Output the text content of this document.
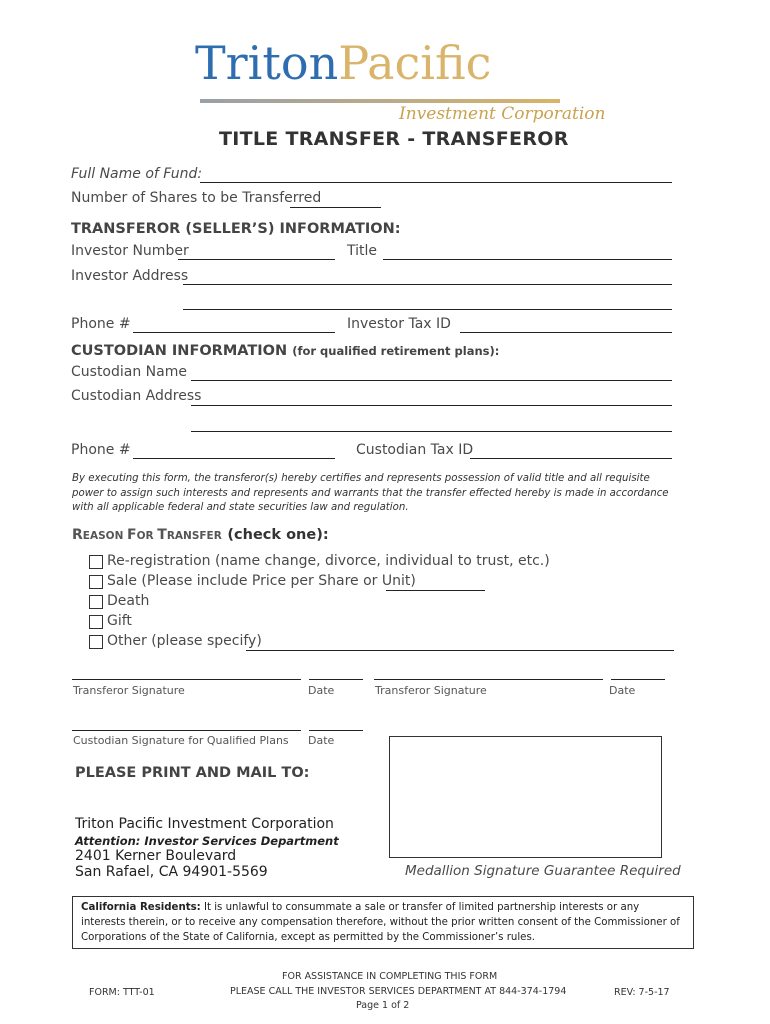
TritonPacific
Investment Corporation
TITLE TRANSFER - TRANSFEROR
Full Name of Fund:
Number of Shares to be Transferred
TRANSFEROR (SELLER’S) INFORMATION:
Investor Number	Title
Investor Address
Phone #	Investor Tax ID
CUSTODIAN INFORMATION (for qualified retirement plans):
Custodian Name
Custodian Address
Phone #	Custodian Tax ID
By executing this form, the transferor(s) hereby certifies and represents possession of valid title and all requisite power to assign such interests and represents and warrants that the transfer effected hereby is made in accordance with all applicable federal and state securities law and regulation.
REASON FOR TRANSFER (check one):
Re-registration (name change, divorce, individual to trust, etc.)
Sale (Please include Price per Share or Unit)
Death
Gift
Other (please specify)
Transferor Signature	Date	Transferor Signature	Date
Custodian Signature for Qualified Plans Date
PLEASE PRINT AND MAIL TO:
Triton Pacific Investment Corporation
Attention: Investor Services Department
2401 Kerner Boulevard
San Rafael, CA 94901-5569	Medallion Signature Guarantee Required
California Residents: It is unlawful to consummate a sale or transfer of limited partnership interests or any interests therein, or to receive any compensation therefore, without the prior written consent of the Commissioner of Corporations of the State of California, except as permitted by the Commissioner’s rules.
FORM: TTT-01
FOR ASSISTANCE IN COMPLETING THIS FORM
PLEASE CALL THE INVESTOR SERVICES DEPARTMENT AT 844-374-1794
Page 1 of 2
REV: 7-5-17
